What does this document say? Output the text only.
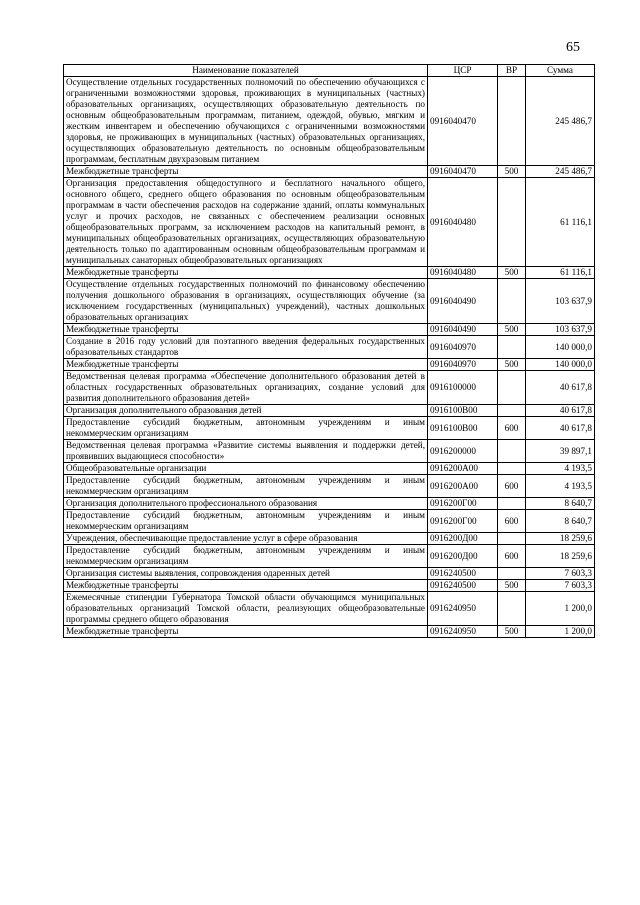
65
Наименование показателей	ЦСР	ВР	Сумма
Осуществление отдельных государственных полномочий по обеспечению обучающихся с ограниченными возможностями здоровья, проживающих в муниципальных (частных) образовательных организациях, осуществляющих образовательную деятельность по основным общеобразовательным программам, питанием, одеждой, обувью, мягким и жестким инвентарем и обеспечению обучающихся с ограниченными возможностями здоровья, не проживающих в муниципальных (частных) образовательных организациях, осуществляющих образовательную деятельность по основным общеобразовательным программам, бесплатным двухразовым питанием	0916040470		245 486,7
Межбюджетные трансферты	0916040470	500	245 486,7
Организация предоставления общедоступного и бесплатного начального общего, основного общего, среднего общего образования по основным общеобразовательным программам в части обеспечения расходов на содержание зданий, оплаты коммунальных услуг и прочих расходов, не связанных с обеспечением реализации основных общеобразовательных программ, за исключением расходов на капитальный ремонт, в муниципальных общеобразовательных организациях, осуществляющих образовательную деятельность только по адаптированным основным общеобразовательным программам и муниципальных санаторных общеобразовательных организациях	0916040480		61 116,1
Межбюджетные трансферты	0916040480	500	61 116,1
Осуществление отдельных государственных полномочий по финансовому обеспечению получения дошкольного образования в организациях, осуществляющих обучение (за исключением государственных (муниципальных) учреждений), частных дошкольных образовательных организациях	0916040490		103 637,9
Межбюджетные трансферты	0916040490	500	103 637,9
Создание в 2016 году условий для поэтапного введения федеральных государственных образовательных стандартов	0916040970		140 000,0
Межбюджетные трансферты	0916040970	500	140 000,0
Ведомственная целевая программа «Обеспечение дополнительного образования детей в областных государственных образовательных организациях, создание условий для развития дополнительного образования детей»	0916100000		40 617,8
Организация дополнительного образования детей	0916100В00		40 617,8
Предоставление субсидий бюджетным, автономным учреждениям и иным некоммерческим организациям	0916100В00	600	40 617,8
Ведомственная целевая программа «Развитие системы выявления и поддержки детей, проявивших выдающиеся способности»	0916200000		39 897,1
Общеобразовательные организации	0916200А00		4 193,5
Предоставление субсидий бюджетным, автономным учреждениям и иным некоммерческим организациям	0916200А00	600	4 193,5
Организация дополнительного профессионального образования	0916200Г00		8 640,7
Предоставление субсидий бюджетным, автономным учреждениям и иным некоммерческим организациям	0916200Г00	600	8 640,7
Учреждения, обеспечивающие предоставление услуг в сфере образования	0916200Д00		18 259,6
Предоставление субсидий бюджетным, автономным учреждениям и иным некоммерческим организациям	0916200Д00	600	18 259,6
Организация системы выявления, сопровождения одаренных детей	0916240500		7 603,3
Межбюджетные трансферты	0916240500	500	7 603,3
Ежемесячные стипендии Губернатора Томской области обучающимся муниципальных образовательных организаций Томской области, реализующих общеобразовательные программы среднего общего образования	0916240950		1 200,0
Межбюджетные трансферты	0916240950	500	1 200,0
